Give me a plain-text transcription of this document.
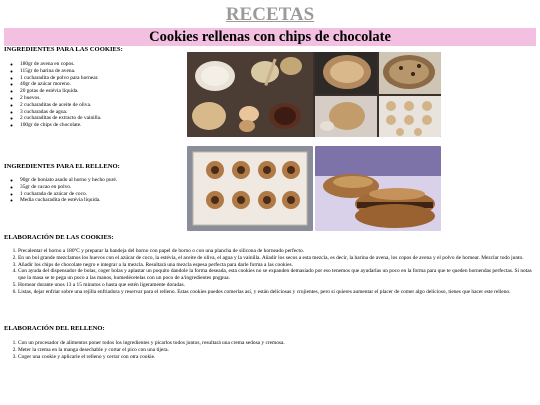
RECETAS
Cookies rellenas con chips de chocolate

INGREDIENTES PARA LAS COOKIES:

◦ 180gr de avena en copos.
◦ 115gr de harina de avena.
◦ 1 cucharadita de polvo para hornear.
◦ 40gr de azúcar moreno.
◦ 20 gotas de estévia líquida.
◦ 2 huevos.
◦ 2 cucharaditas de aceite de oliva.
◦ 3 cucharadas de agua.
◦ 2 cucharaditas de extracto de vainilla.
◦ 100gr de chips de chocolate.

INGREDIENTES PARA EL RELLENO:

◦ 90gr de boniato asado al horno y hecho puré.
◦ 35gr de cacao en polvo.
◦ 1 cucharada de azúcar de coco.
◦ Media cucharadita de estévia líquida.

ELABORACIÓN DE LAS COOKIES:

1. Precalentar el horno a 180ºC y preparar la bandeja del horno con papel de horno o con una plancha de silicona de horneado perfecto.
2. En un bol grande mezclamos los huevos con el azúcar de coco, la estévia, el aceite de oliva, el agua y la vainilla. Añadir los secos a esta mezcla, es decir, la harina de avena, los copos de avena y el polvo de hornear. Mezclar todo junto.
3. Añadir los chips de chocolate negro e integrar a la mezcla. Resultará una mezcla espesa perfecta para darle forma a las cookies.
4. Con ayuda del dispensador de bolas, coger bolas y aplastar un poquito dandole la forma deseada, esta cookies no se expanden demasiado por eso tenemos que ayudarlas un poco en la forma para que te queden hornendas perfectas. Si notas que la masa se te pega un poco a las manos, humedécetelas con un poco de a/ingredientes pngpua.
5. Hornear durante unos 13 a 15 minutos o hasta que estén ligeramente doradas.
6. Listas, dejar enfriar sobre una rejilla enfriadora y reservar para el relleno. Estas cookies puedes comerlas así, y están deliciosas y crujientes, pero si quieres aumentar el placer de comer algo delicioso, tienes que hacer este relleno.

ELABORACIÓN DEL RELLENO:

1. Con un procesador de alimentos poner todos los ingredientes y picarlos todos juntos, resultará una crema sedosa y cremosa.
2. Meter la crema en la manga desechable y cortar el pico con una tijera.
3. Coger una cookie y aplicarle el relleno y cerrar con otra cookie.
